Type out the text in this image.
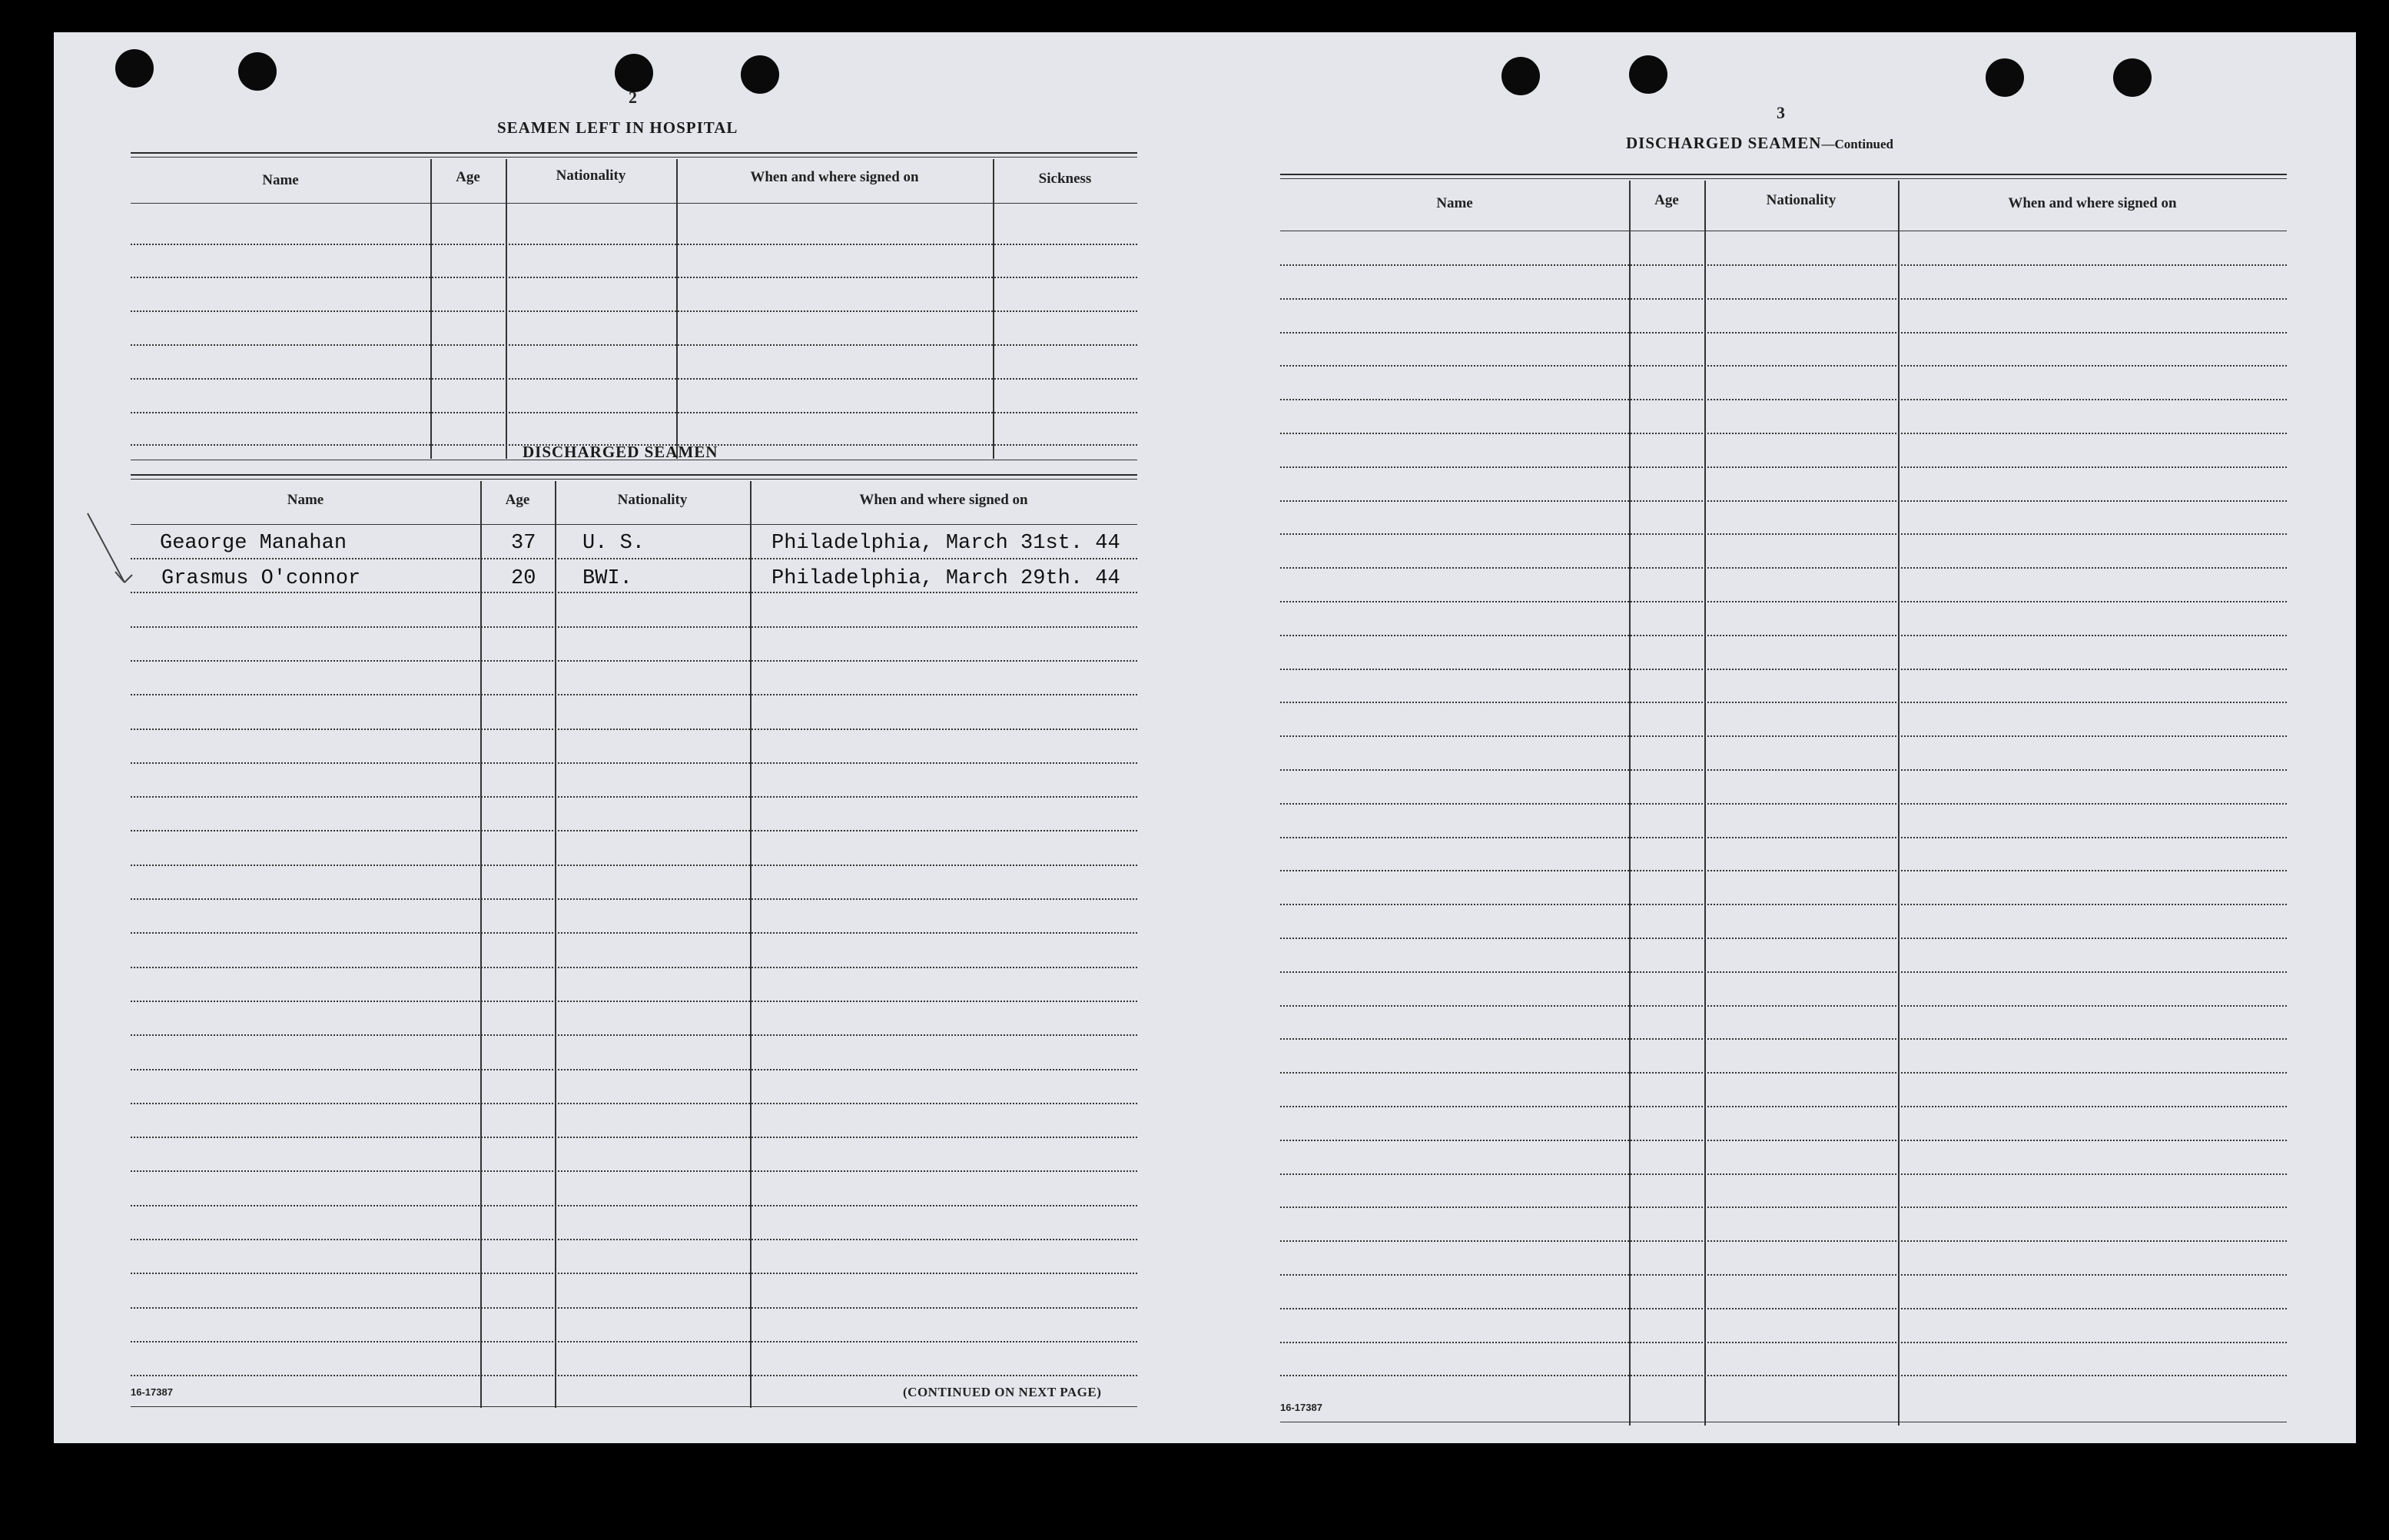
2
SEAMEN LEFT IN HOSPITAL
Name	Age	Nationality	When and where signed on	Sickness
DISCHARGED SEAMEN
Name	Age	Nationality	When and where signed on
Geaorge Manahan	37 U. S.	Philadelphia, March 31st. 44
Grasmus O'connor	20 BWI.	Philadelphia, March 29th. 44
16-17387	(CONTINUED ON NEXT PAGE)
3
DISCHARGED SEAMEN—Continued
Name	Age	Nationality	When and where signed on
16-17387
